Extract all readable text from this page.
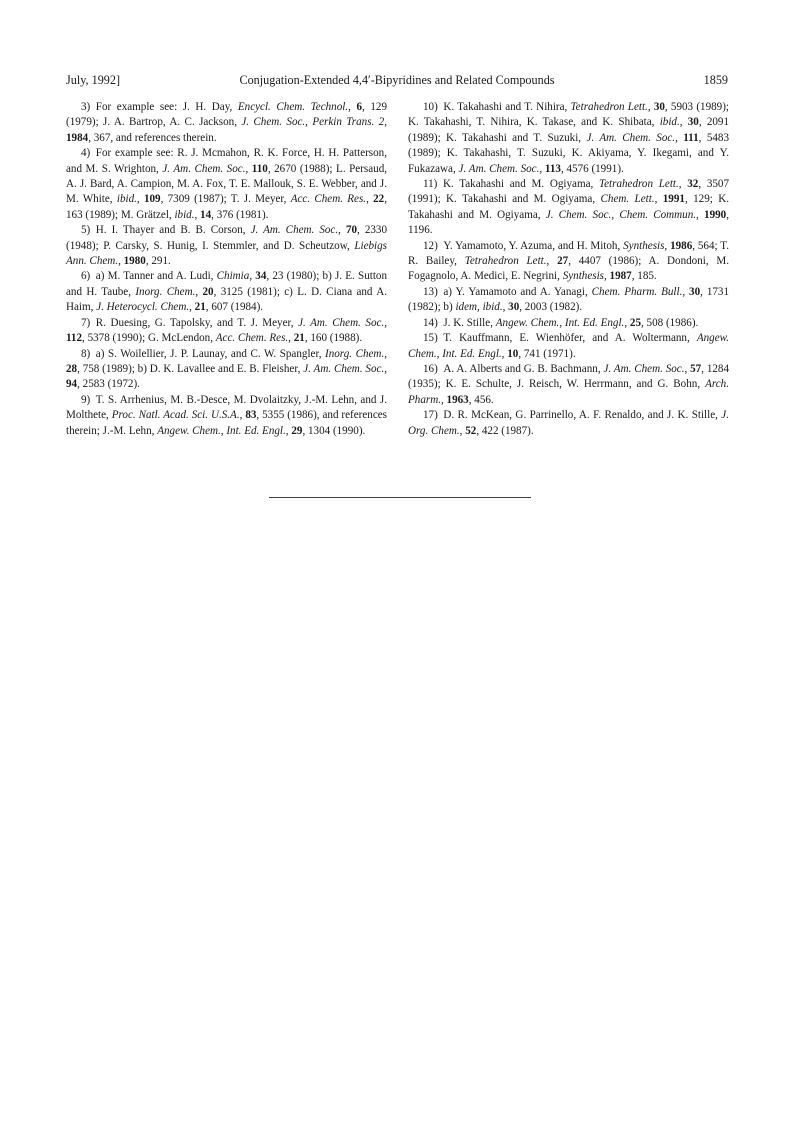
July, 1992]	Conjugation-Extended 4,4′-Bipyridines and Related Compounds	1859

3) For example see: J. H. Day, Encycl. Chem. Technol., 6, 129 (1979); J. A. Bartrop, A. C. Jackson, J. Chem. Soc., Perkin Trans. 2, 1984, 367, and references therein.

4) For example see: R. J. Mcmahon, R. K. Force, H. H. Patterson, and M. S. Wrighton, J. Am. Chem. Soc., 110, 2670 (1988); L. Persaud, A. J. Bard, A. Campion, M. A. Fox, T. E. Mallouk, S. E. Webber, and J. M. White, ibid., 109, 7309 (1987); T. J. Meyer, Acc. Chem. Res., 22, 163 (1989); M. Grätzel, ibid., 14, 376 (1981).

5) H. I. Thayer and B. B. Corson, J. Am. Chem. Soc., 70, 2330 (1948); P. Carsky, S. Hunig, I. Stemmler, and D. Scheutzow, Liebigs Ann. Chem., 1980, 291.

6) a) M. Tanner and A. Ludi, Chimia, 34, 23 (1980); b) J. E. Sutton and H. Taube, Inorg. Chem., 20, 3125 (1981); c) L. D. Ciana and A. Haim, J. Heterocycl. Chem., 21, 607 (1984).

7) R. Duesing, G. Tapolsky, and T. J. Meyer, J. Am. Chem. Soc., 112, 5378 (1990); G. McLendon, Acc. Chem. Res., 21, 160 (1988).

8) a) S. Woilellier, J. P. Launay, and C. W. Spangler, Inorg. Chem., 28, 758 (1989); b) D. K. Lavallee and E. B. Fleisher, J. Am. Chem. Soc., 94, 2583 (1972).

9) T. S. Arrhenius, M. B.-Desce, M. Dvolaitzky, J.-M. Lehn, and J. Molthete, Proc. Natl. Acad. Sci. U.S.A., 83, 5355 (1986), and references therein; J.-M. Lehn, Angew. Chem., Int. Ed. Engl., 29, 1304 (1990).

10) K. Takahashi and T. Nihira, Tetrahedron Lett., 30, 5903 (1989); K. Takahashi, T. Nihira, K. Takase, and K. Shibata, ibid., 30, 2091 (1989); K. Takahashi and T. Suzuki, J. Am. Chem. Soc., 111, 5483 (1989); K. Takahashi, T. Suzuki, K. Akiyama, Y. Ikegami, and Y. Fukazawa, J. Am. Chem. Soc., 113, 4576 (1991).

11) K. Takahashi and M. Ogiyama, Tetrahedron Lett., 32, 3507 (1991); K. Takahashi and M. Ogiyama, Chem. Lett., 1991, 129; K. Takahashi and M. Ogiyama, J. Chem. Soc., Chem. Commun., 1990, 1196.

12) Y. Yamamoto, Y. Azuma, and H. Mitoh, Synthesis, 1986, 564; T. R. Bailey, Tetrahedron Lett., 27, 4407 (1986); A. Dondoni, M. Fogagnolo, A. Medici, E. Negrini, Synthesis, 1987, 185.

13) a) Y. Yamamoto and A. Yanagi, Chem. Pharm. Bull., 30, 1731 (1982); b) idem, ibid., 30, 2003 (1982).

14) J. K. Stille, Angew. Chem., Int. Ed. Engl., 25, 508 (1986).

15) T. Kauffmann, E. Wienhöfer, and A. Woltermann, Angew. Chem., Int. Ed. Engl., 10, 741 (1971).

16) A. A. Alberts and G. B. Bachmann, J. Am. Chem. Soc., 57, 1284 (1935); K. E. Schulte, J. Reisch, W. Herrmann, and G. Bohn, Arch. Pharm., 1963, 456.

17) D. R. McKean, G. Parrinello, A. F. Renaldo, and J. K. Stille, J. Org. Chem., 52, 422 (1987).
